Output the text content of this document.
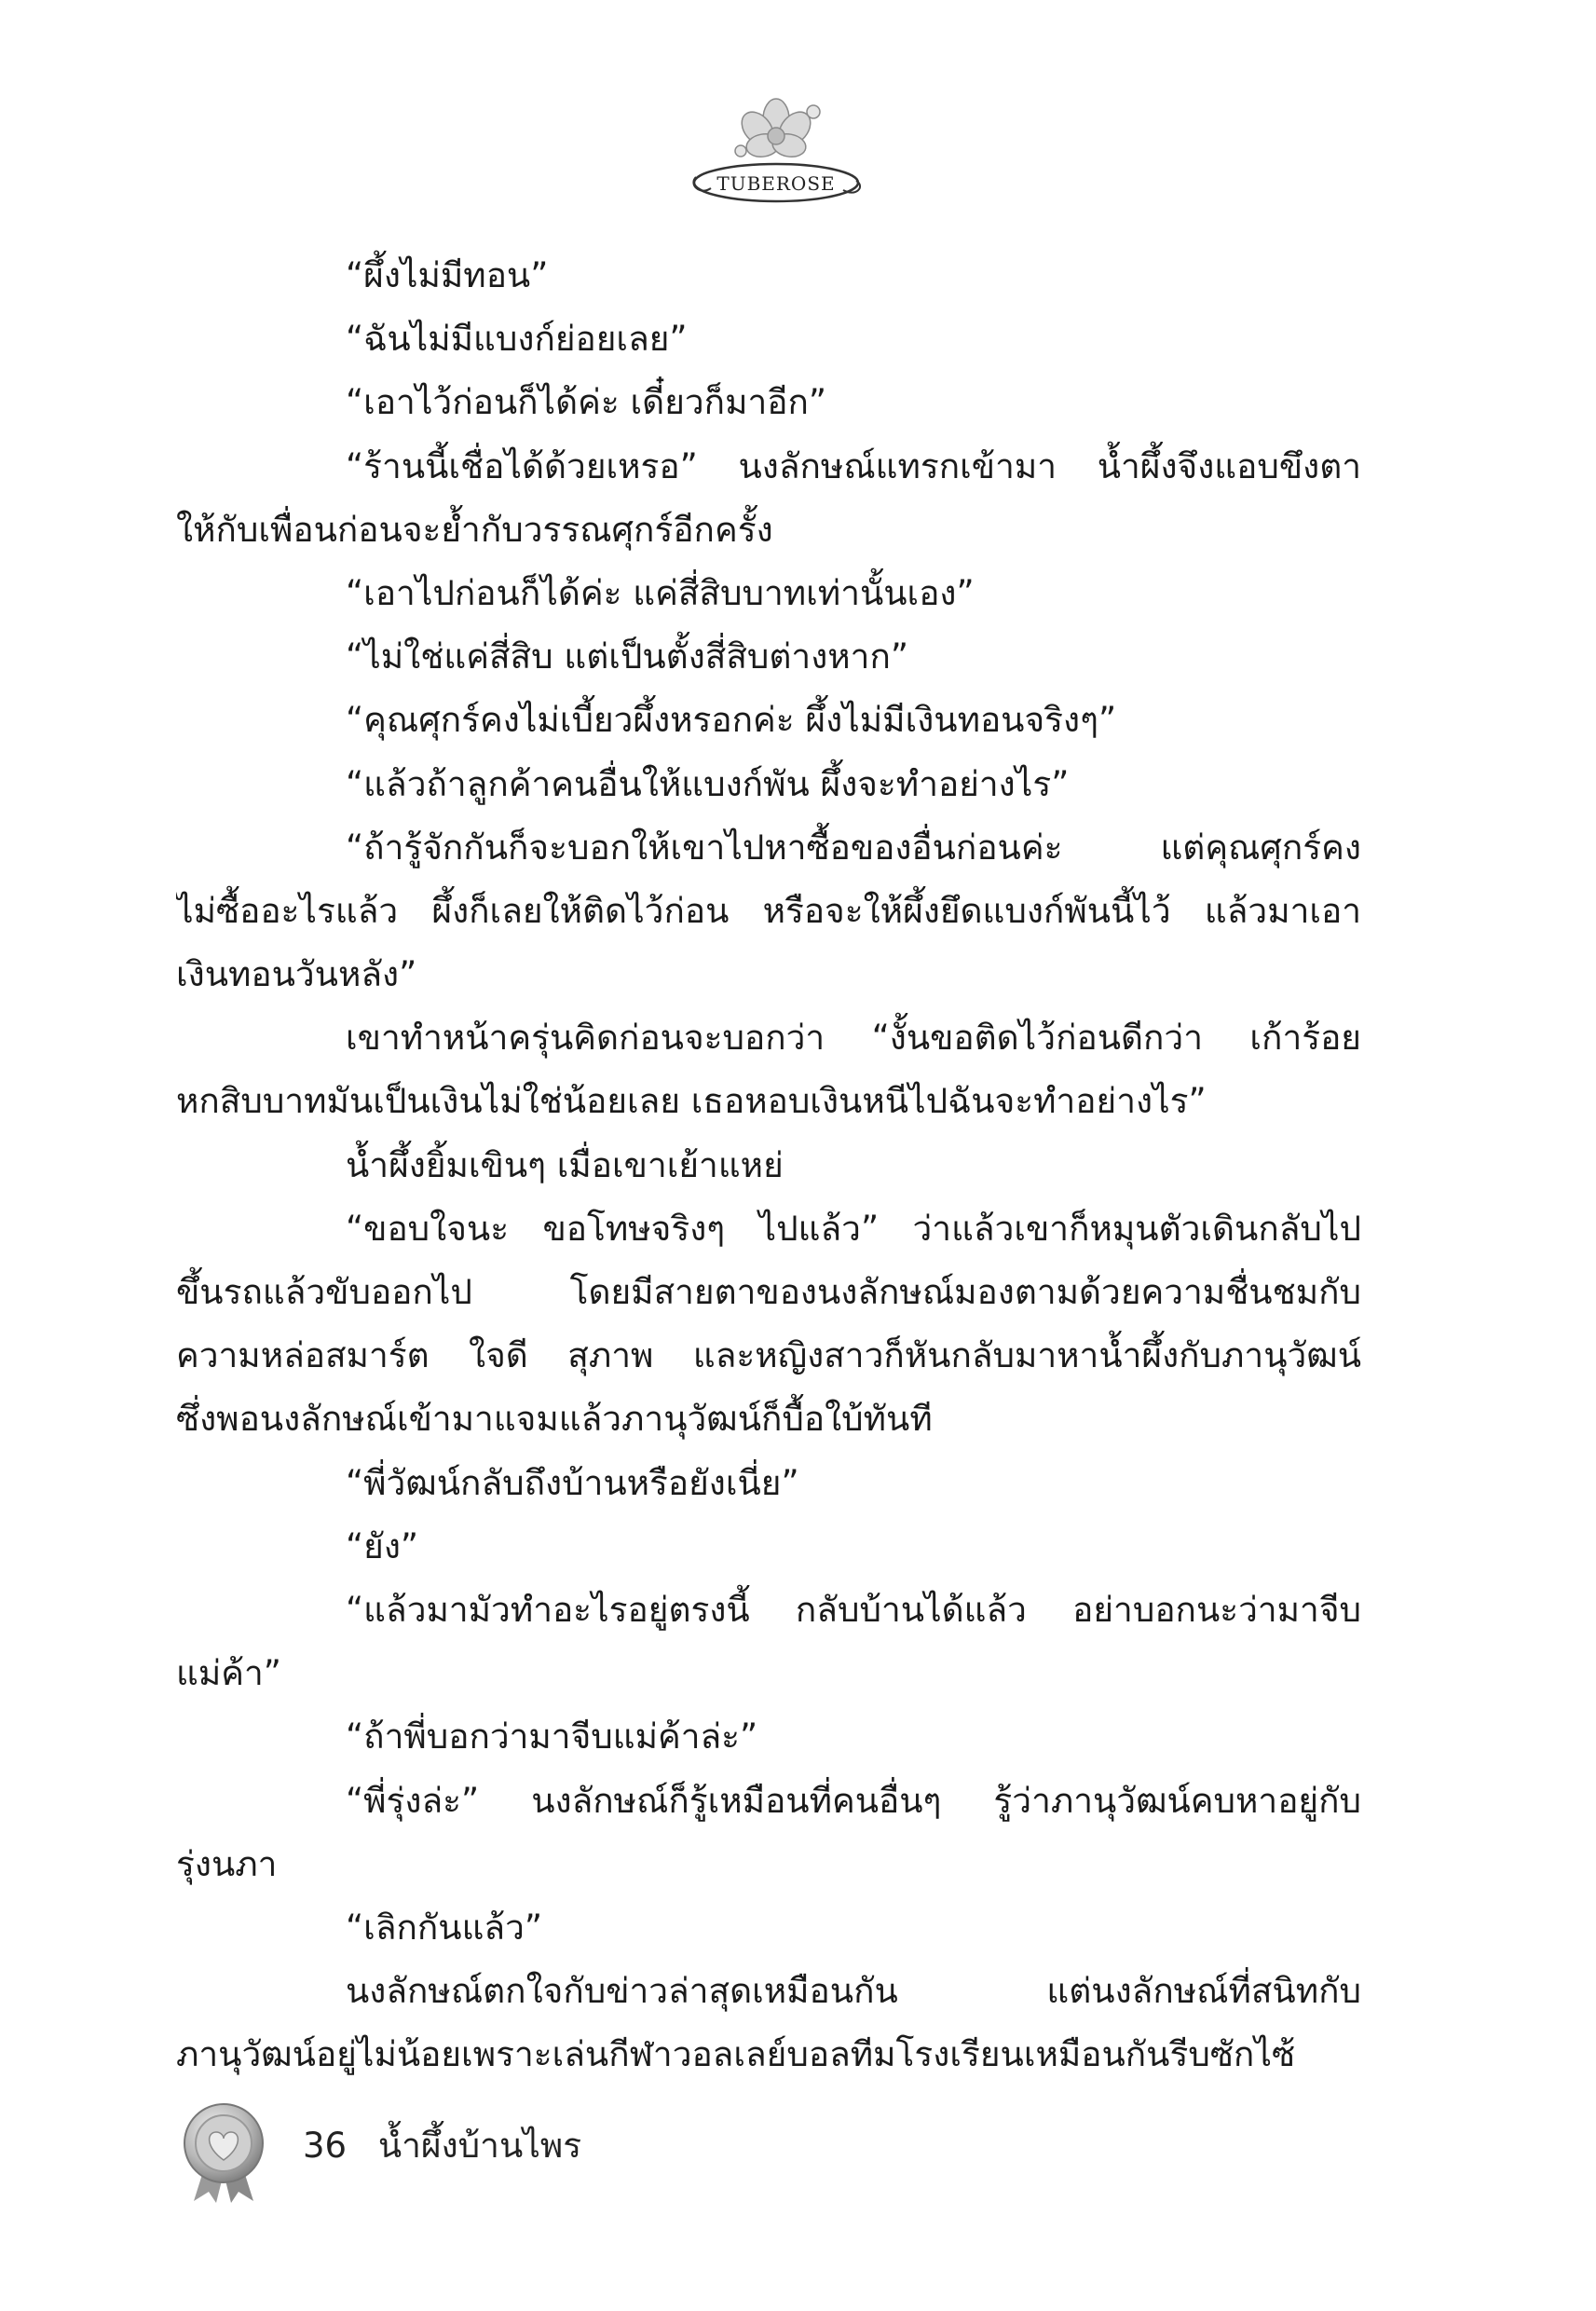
TUBEROSE
“ผึ้งไม่มีทอน”
“ฉันไม่มีแบงก์ย่อยเลย”
“เอาไว้ก่อนก็ได้ค่ะ เดี๋ยวก็มาอีก”
“ร้านนี้เชื่อได้ด้วยเหรอ” นงลักษณ์แทรกเข้ามา น้ำผึ้งจึงแอบขึงตา
ให้กับเพื่อนก่อนจะย้ำกับวรรณศุกร์อีกครั้ง
“เอาไปก่อนก็ได้ค่ะ แค่สี่สิบบาทเท่านั้นเอง”
“ไม่ใช่แค่สี่สิบ แต่เป็นตั้งสี่สิบต่างหาก”
“คุณศุกร์คงไม่เบี้ยวผึ้งหรอกค่ะ ผึ้งไม่มีเงินทอนจริงๆ”
“แล้วถ้าลูกค้าคนอื่นให้แบงก์พัน ผึ้งจะทำอย่างไร”
“ถ้ารู้จักกันก็จะบอกให้เขาไปหาซื้อของอื่นก่อนค่ะ แต่คุณศุกร์คง
ไม่ซื้ออะไรแล้ว ผึ้งก็เลยให้ติดไว้ก่อน หรือจะให้ผึ้งยึดแบงก์พันนี้ไว้ แล้วมาเอา
เงินทอนวันหลัง”
เขาทำหน้าครุ่นคิดก่อนจะบอกว่า “งั้นขอติดไว้ก่อนดีกว่า เก้าร้อย
หกสิบบาทมันเป็นเงินไม่ใช่น้อยเลย เธอหอบเงินหนีไปฉันจะทำอย่างไร”
น้ำผึ้งยิ้มเขินๆ เมื่อเขาเย้าแหย่
“ขอบใจนะ ขอโทษจริงๆ ไปแล้ว” ว่าแล้วเขาก็หมุนตัวเดินกลับไป
ขึ้นรถแล้วขับออกไป โดยมีสายตาของนงลักษณ์มองตามด้วยความชื่นชมกับ
ความหล่อสมาร์ต ใจดี สุภาพ และหญิงสาวก็หันกลับมาหาน้ำผึ้งกับภานุวัฒน์
ซึ่งพอนงลักษณ์เข้ามาแจมแล้วภานุวัฒน์ก็บื้อใบ้ทันที
“พี่วัฒน์กลับถึงบ้านหรือยังเนี่ย”
“ยัง”
“แล้วมามัวทำอะไรอยู่ตรงนี้ กลับบ้านได้แล้ว อย่าบอกนะว่ามาจีบ
แม่ค้า”
“ถ้าพี่บอกว่ามาจีบแม่ค้าล่ะ”
“พี่รุ่งล่ะ” นงลักษณ์ก็รู้เหมือนที่คนอื่นๆ รู้ว่าภานุวัฒน์คบหาอยู่กับ
รุ่งนภา
“เลิกกันแล้ว”
นงลักษณ์ตกใจกับข่าวล่าสุดเหมือนกัน แต่นงลักษณ์ที่สนิทกับ
ภานุวัฒน์อยู่ไม่น้อยเพราะเล่นกีฬาวอลเลย์บอลทีมโรงเรียนเหมือนกันรีบซักไซ้
36 น้ำผึ้งบ้านไพร
